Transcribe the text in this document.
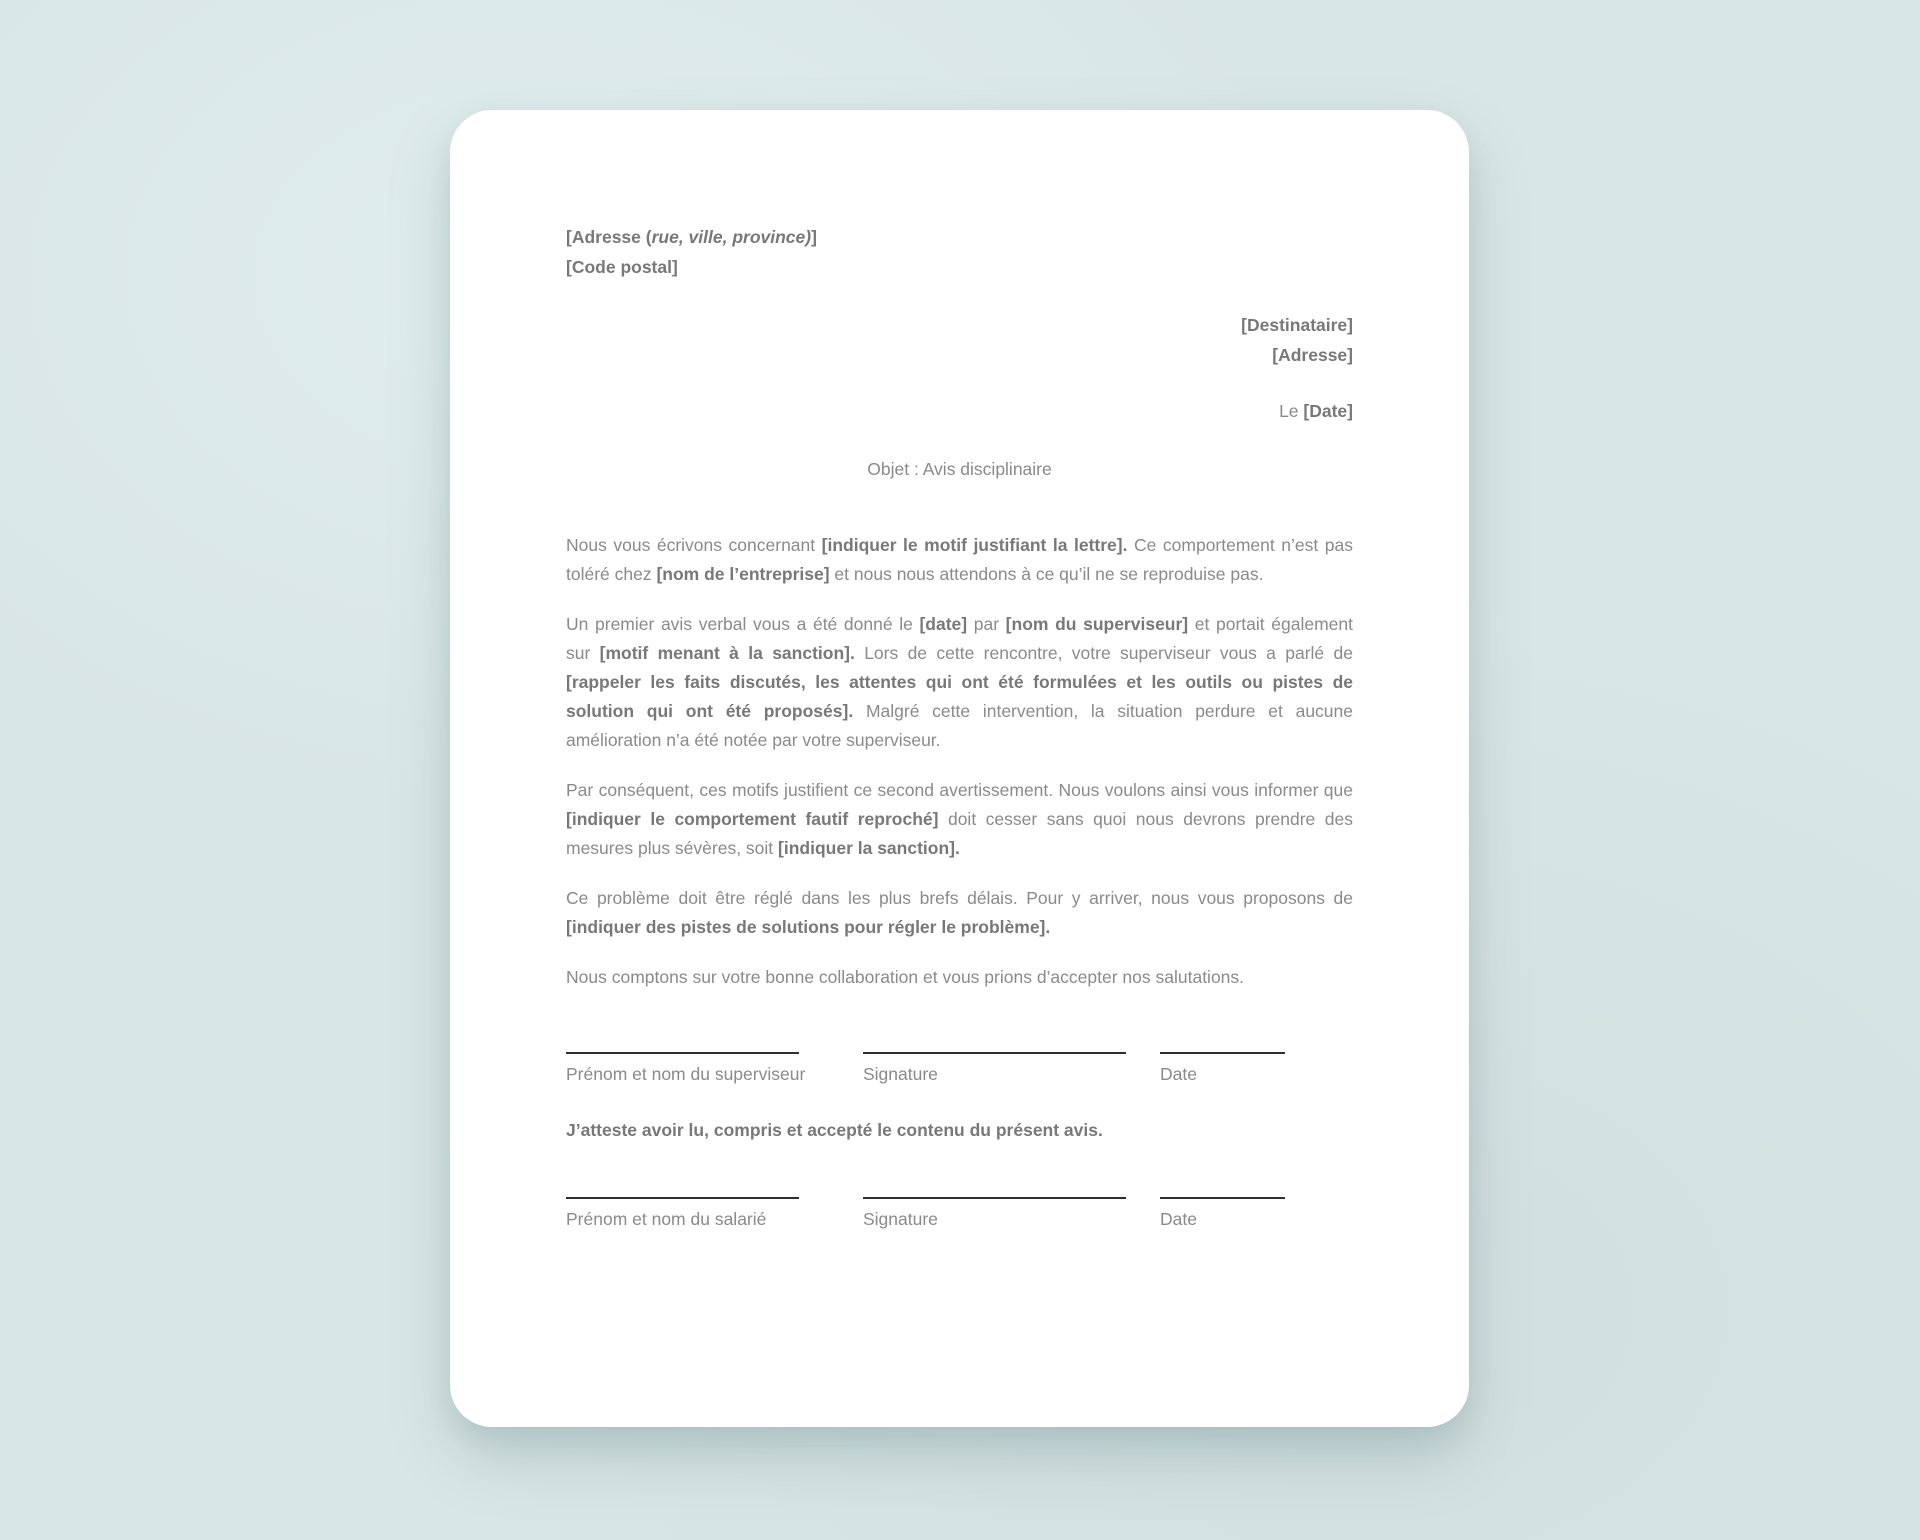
[Adresse (rue, ville, province)]
[Code postal]
[Destinataire]
[Adresse]
Le [Date]
Objet : Avis disciplinaire

Nous vous écrivons concernant [indiquer le motif justifiant la lettre]. Ce comportement n’est pas toléré chez [nom de l’entreprise] et nous nous attendons à ce qu’il ne se reproduise pas.

Un premier avis verbal vous a été donné le [date] par [nom du superviseur] et portait également sur [motif menant à la sanction]. Lors de cette rencontre, votre superviseur vous a parlé de [rappeler les faits discutés, les attentes qui ont été formulées et les outils ou pistes de solution qui ont été proposés]. Malgré cette intervention, la situation perdure et aucune amélioration n’a été notée par votre superviseur.

Par conséquent, ces motifs justifient ce second avertissement. Nous voulons ainsi vous informer que [indiquer le comportement fautif reproché] doit cesser sans quoi nous devrons prendre des mesures plus sévères, soit [indiquer la sanction].

Ce problème doit être réglé dans les plus brefs délais. Pour y arriver, nous vous proposons de [indiquer des pistes de solutions pour régler le problème].

Nous comptons sur votre bonne collaboration et vous prions d’accepter nos salutations.

Prénom et nom du superviseur	Signature	Date
J’atteste avoir lu, compris et accepté le contenu du présent avis.
Prénom et nom du salarié	Signature	Date
